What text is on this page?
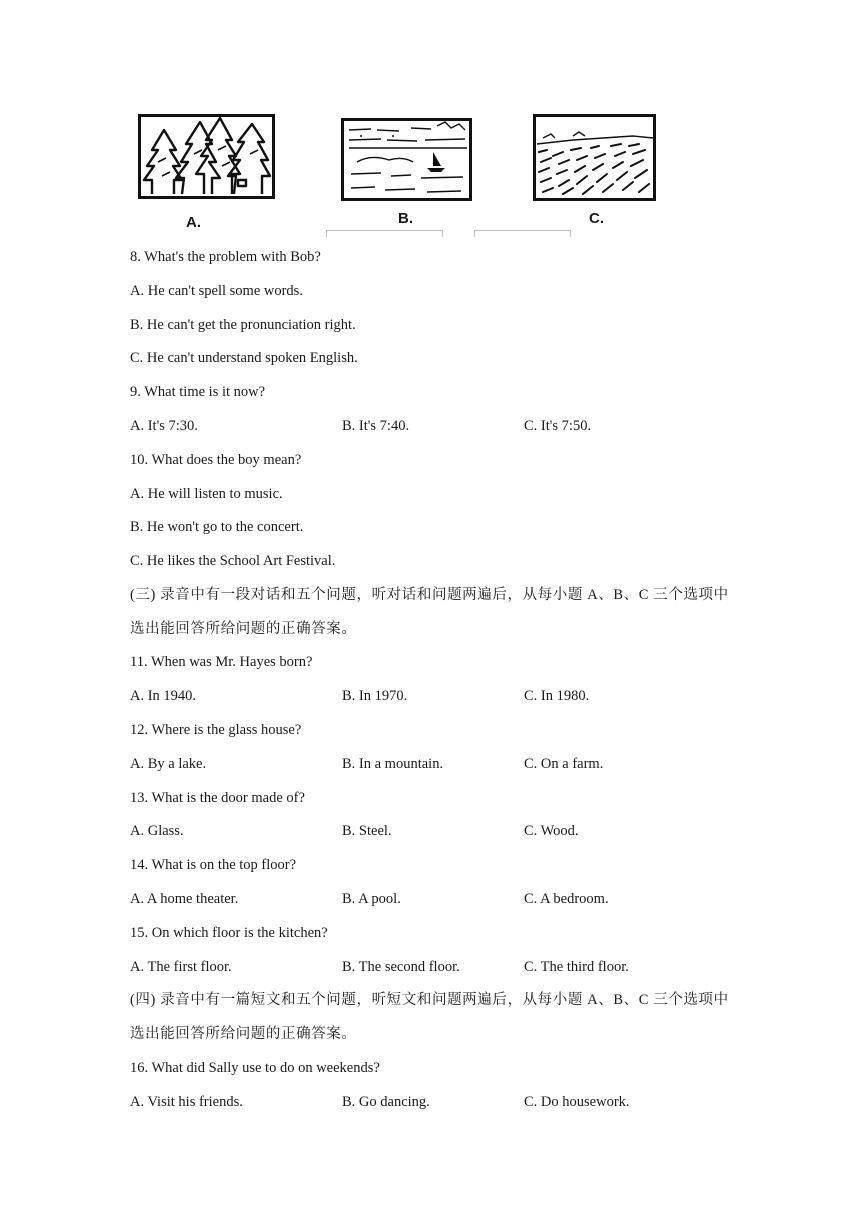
A.	B.	C.
8. What's the problem with Bob?
A. He can't spell some words.
B. He can't get the pronunciation right.
C. He can't understand spoken English.
9. What time is it now?
A. It's 7:30.	B. It's 7:40.	C. It's 7:50.
10. What does the boy mean?
A. He will listen to music.
B. He won't go to the concert.
C. He likes the School Art Festival.
(三) 录音中有一段对话和五个问题，听对话和问题两遍后，从每小题 A、B、C 三个选项中
选出能回答所给问题的正确答案。
11. When was Mr. Hayes born?
A. In 1940.	B. In 1970.	C. In 1980.
12. Where is the glass house?
A. By a lake.	B. In a mountain.	C. On a farm.
13. What is the door made of?
A. Glass.	B. Steel.	C. Wood.
14. What is on the top floor?
A. A home theater.	B. A pool.	C. A bedroom.
15. On which floor is the kitchen?
A. The first floor.	B. The second floor.	C. The third floor.
(四) 录音中有一篇短文和五个问题，听短文和问题两遍后，从每小题 A、B、C 三个选项中
选出能回答所给问题的正确答案。
16. What did Sally use to do on weekends?
A. Visit his friends.	B. Go dancing.	C. Do housework.
